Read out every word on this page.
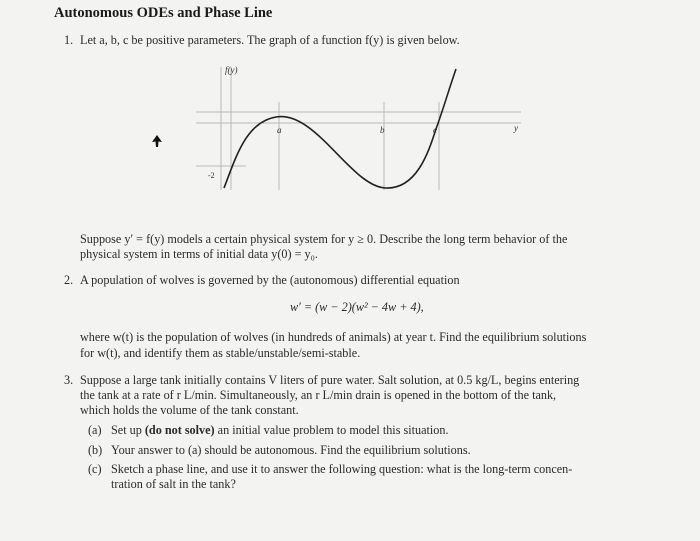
Autonomous ODEs and Phase Line
1. Let a, b, c be positive parameters. The graph of a function f(y) is given below.
f(y)
y
a	b	c
-2
Suppose y′ = f(y) models a certain physical system for y ≥ 0. Describe the long term behavior of the
physical system in terms of initial data y(0) = y₀.
2. A population of wolves is governed by the (autonomous) differential equation
w′ = (w − 2)(w² − 4w + 4),
where w(t) is the population of wolves (in hundreds of animals) at year t. Find the equilibrium solutions
for w(t), and identify them as stable/unstable/semi-stable.
3. Suppose a large tank initially contains V liters of pure water. Salt solution, at 0.5 kg/L, begins entering
the tank at a rate of r L/min. Simultaneously, an r L/min drain is opened in the bottom of the tank,
which holds the volume of the tank constant.
(a) Set up (do not solve) an initial value problem to model this situation.
(b) Your answer to (a) should be autonomous. Find the equilibrium solutions.
(c) Sketch a phase line, and use it to answer the following question: what is the long-term concen-
tration of salt in the tank?
